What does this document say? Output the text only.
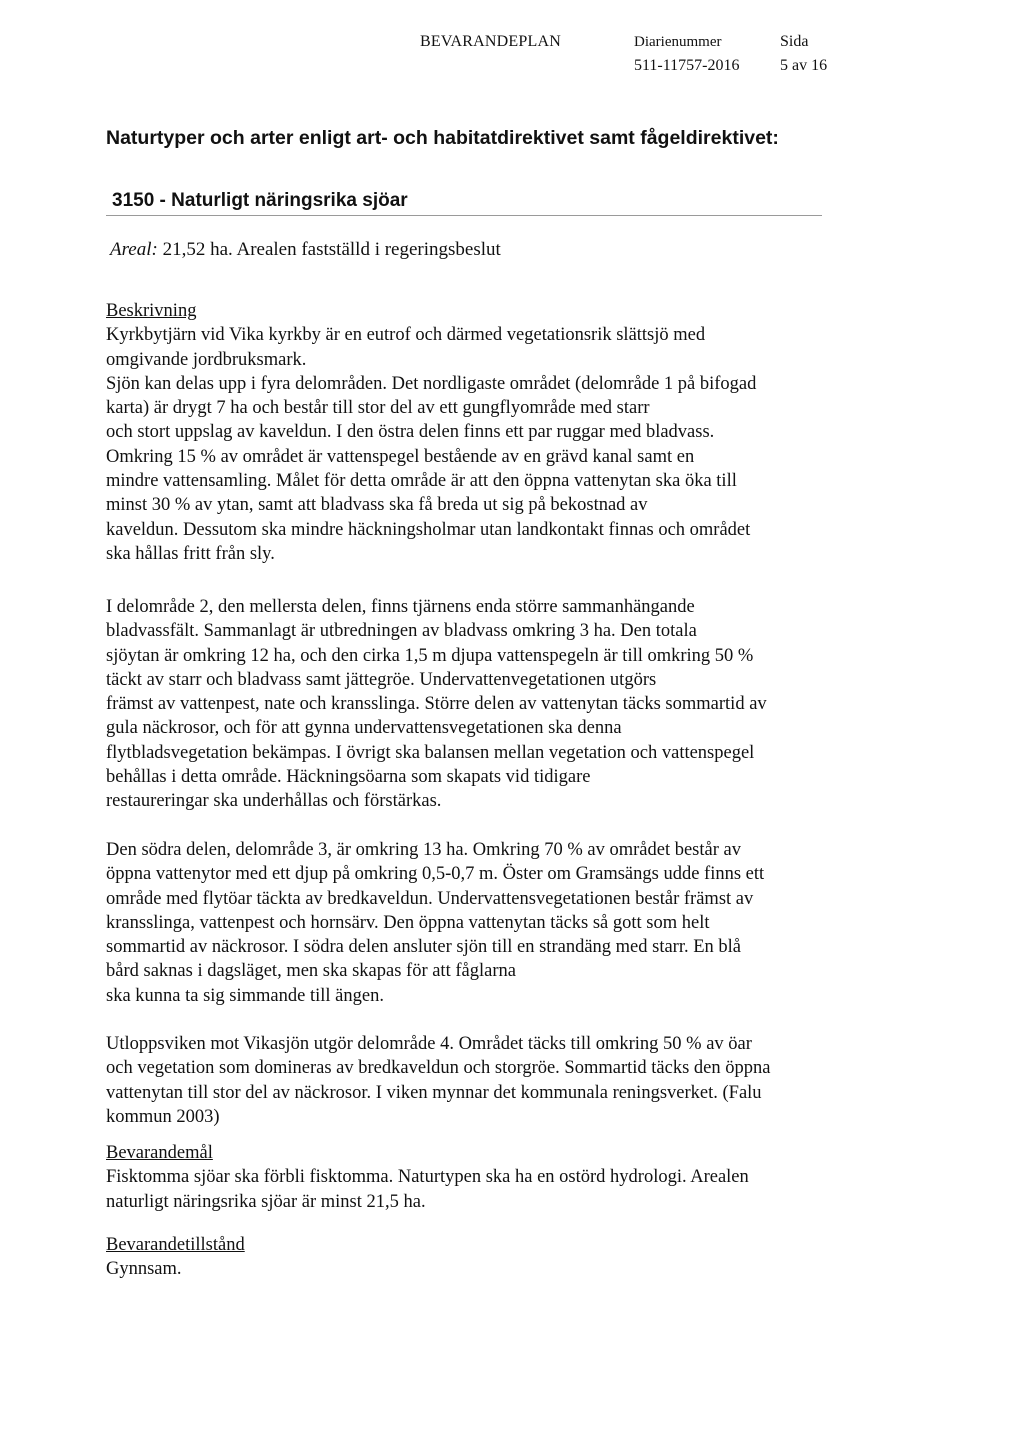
BEVARANDEPLAN	Diarienummer
511-11757-2016
Sida
5 av 16
Naturtyper och arter enligt art- och habitatdirektivet samt fågeldirektivet:
3150 - Naturligt näringsrika sjöar
Areal: 21,52 ha. Arealen fastställd i regeringsbeslut
Beskrivning
Kyrkbytjärn vid Vika kyrkby är en eutrof och därmed vegetationsrik slättsjö med
omgivande jordbruksmark.
Sjön kan delas upp i fyra delområden. Det nordligaste området (delområde 1 på bifogad
karta) är drygt 7 ha och består till stor del av ett gungflyområde med starr
och stort uppslag av kaveldun. I den östra delen finns ett par ruggar med bladvass.
Omkring 15 % av området är vattenspegel bestående av en grävd kanal samt en
mindre vattensamling. Målet för detta område är att den öppna vattenytan ska öka till
minst 30 % av ytan, samt att bladvass ska få breda ut sig på bekostnad av
kaveldun. Dessutom ska mindre häckningsholmar utan landkontakt finnas och området
ska hållas fritt från sly.
I delområde 2, den mellersta delen, finns tjärnens enda större sammanhängande
bladvassfält. Sammanlagt är utbredningen av bladvass omkring 3 ha. Den totala
sjöytan är omkring 12 ha, och den cirka 1,5 m djupa vattenspegeln är till omkring 50 %
täckt av starr och bladvass samt jättegröe. Undervattenvegetationen utgörs
främst av vattenpest, nate och kransslinga. Större delen av vattenytan täcks sommartid av
gula näckrosor, och för att gynna undervattensvegetationen ska denna
flytbladsvegetation bekämpas. I övrigt ska balansen mellan vegetation och vattenspegel
behållas i detta område. Häckningsöarna som skapats vid tidigare
restaureringar ska underhållas och förstärkas.
Den södra delen, delområde 3, är omkring 13 ha. Omkring 70 % av området består av
öppna vattenytor med ett djup på omkring 0,5-0,7 m. Öster om Gramsängs udde finns ett
område med flytöar täckta av bredkaveldun. Undervattensvegetationen består främst av
kransslinga, vattenpest och hornsärv. Den öppna vattenytan täcks så gott som helt
sommartid av näckrosor. I södra delen ansluter sjön till en strandäng med starr. En blå
bård saknas i dagsläget, men ska skapas för att fåglarna
ska kunna ta sig simmande till ängen.
Utloppsviken mot Vikasjön utgör delområde 4. Området täcks till omkring 50 % av öar
och vegetation som domineras av bredkaveldun och storgröe. Sommartid täcks den öppna
vattenytan till stor del av näckrosor. I viken mynnar det kommunala reningsverket. (Falu
kommun 2003)
Bevarandemål
Fisktomma sjöar ska förbli fisktomma. Naturtypen ska ha en ostörd hydrologi. Arealen
naturligt näringsrika sjöar är minst 21,5 ha.
Bevarandetillstånd
Gynnsam.
